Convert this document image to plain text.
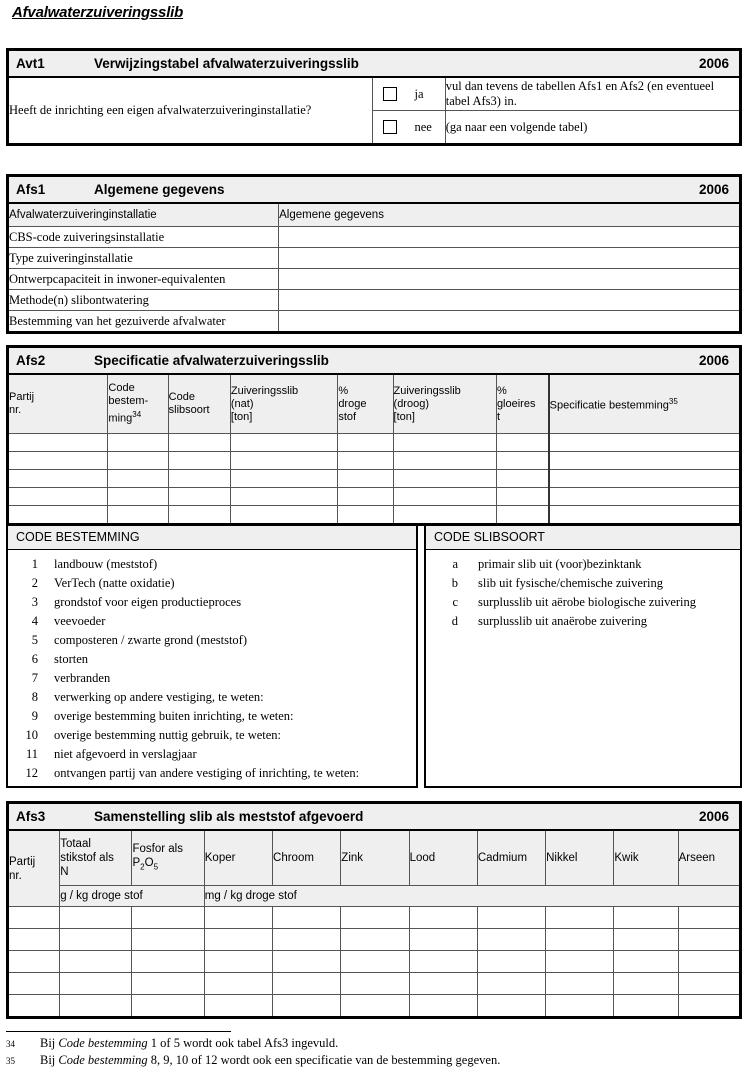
Afvalwaterzuiveringsslib
Avt1 Verwijzingstabel afvalwaterzuiveringsslib 2006		

Heeft de inrichting een eigen afvalwaterzuiveringinstallatie?	ja	vul dan tevens de tabellen Afs1 en Afs2 (en eventueel tabel Afs3) in.

	nee	(ga naar een volgende tabel)
Afs1 Algemene gegevens 2006	

Afvalwaterzuiveringinstallatie	Algemene gegevens
CBS-code zuiveringsinstallatie	
Type zuiveringinstallatie	
Ontwerpcapaciteit in inwoner-equivalenten	
Methode(n) slibontwatering	
Bestemming van het gezuiverde afvalwater	
Afs2 Specificatie afvalwaterzuiveringsslib 2006							

Partij
nr.	Code
bestem-
ming$^{34}$	Code
slibsoort	Zuiveringsslib
(nat)
[ton]	%
droge
stof	Zuiveringsslib
(droog)
[ton]	%
gloeires
t	Specificatie bestemming$^{35}$

CODE BESTEMMING
1	landbouw (meststof)
2	VerTech (natte oxidatie)
3	grondstof voor eigen productieproces
4	veevoeder
5	composteren / zwarte grond (meststof)
6	storten
7	verbranden
8	verwerking op andere vestiging, te weten:
9	overige bestemming buiten inrichting, te weten:
10	overige bestemming nuttig gebruik, te weten:
11	niet afgevoerd in verslagjaar
12	ontvangen partij van andere vestiging of inrichting, te weten:
CODE SLIBSOORT
a	primair slib uit (voor)bezinktank
b	slib uit fysische/chemische zuivering
c	surplusslib uit aërobe biologische zuivering
d	surplusslib uit anaërobe zuivering
Afs3 Samenstelling slib als meststof afgevoerd 2006										

Partij
nr.	Totaal
stikstof als
N	Fosfor als
$P_2O_5$	Koper	Chroom	Zink	Lood	Cadmium	Nikkel	Kwik	Arseen
	g / kg droge stof		mg / kg droge stof							

34	Bij Code bestemming 1 of 5 wordt ook tabel Afs3 ingevuld.
35	Bij Code bestemming 8, 9, 10 of 12 wordt ook een specificatie van de bestemming gegeven.
